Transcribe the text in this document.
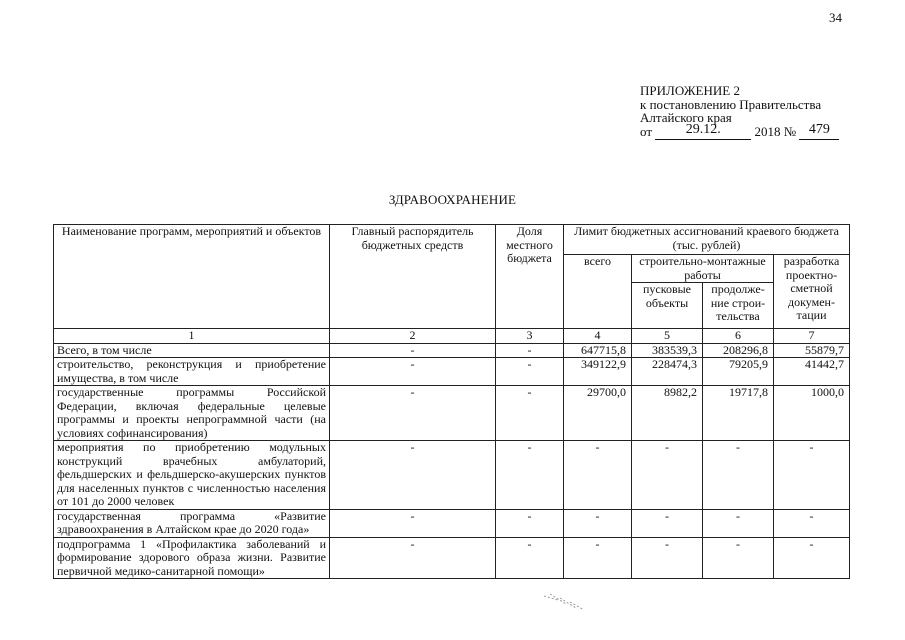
34
ПРИЛОЖЕНИЕ 2
к постановлению Правительства
Алтайского края
от 29.12.	2018 № 479
ЗДРАВООХРАНЕНИЕ
Наименование программ, мероприятий и объектов	Главный распорядитель бюджетных средств	Доля местного бюджета	Лимит бюджетных ассигнований краевого бюджета (тыс. рублей)			
			всего	строительно-монтажные работы		разработка проектно-сметной докумен-тации
				пусковые объекты	продолже-ние строи-тельства	
1	2	3	4	5	6	7
Всего, в том числе	-	-	647715,8	383539,3	208296,8	55879,7
строительство, реконструкция и приобретение имущества, в том числе	-	-	349122,9	228474,3	79205,9	41442,7
государственные программы Российской Федерации, включая федеральные целевые программы и проекты непрограммной части (на условиях софинансирования)	-	-	29700,0	8982,2	19717,8	1000,0
мероприятия по приобретению модульных конструкций врачебных амбулаторий, фельдшерских и фельдшерско-акушерских пунктов для населенных пунктов с численностью населения от 101 до 2000 человек	-	-	-	-	-	-
государственная программа «Развитие здравоохранения в Алтайском крае до 2020 года»	-	-	-	-	-	-
подпрограмма 1 «Профилактика заболеваний и формирование здорового образа жизни. Развитие первичной медико-санитарной помощи»	-	-	-	-	-	-
